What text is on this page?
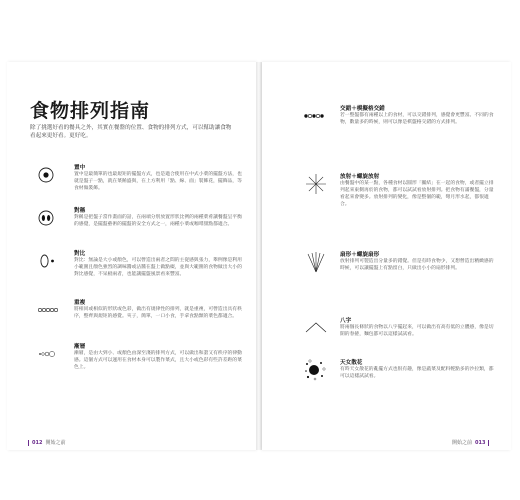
食物排列指南
除了挑選好看的餐具之外，其實在餐盤的位置、食物的排列方式，可以幫助讓食物看起來更好看。更好吃。
置中
置中是最簡單的也最規矩的擺盤方式，也是適合使用在中式小菜的擺盤方法，也就是盤子一點，就在菜餚盛與，在上方利用「點、線、面」裝飾花，擺飾品，等食材做裝飾。
對稱
對稱是把盤子當作畫面的話，在兩端分別放置形狀比例的兩種菜肴讓餐盤呈平衡的感覺，是擺盤藝術的擺盤的安全方式之一，兩種小菜或咖啡甜點都適合。
對比
對比：無論是大小或顏色，可以營造出兩者之間的主從感與張力，舉例像是利用小範圍且顏色強烈的調味醬或沾醬在盤上做點綴，並與大範圍的食物做出大小的對比感覺，不呆板兩者，也能讓擺盤風景看來豐富。
重複
將相同或相似的形狀或色彩，做出有規律性的排列，就是重複，可營造出具有秩序，整齊與規矩的感覺。夾子，簡單，一口小食，手拿食點類的菜色都適合。
漸層
漸層，是由大到小、或顏色由深至淺的排列方式，可以做出和諧又有秩序的律動感。這個方式可以運用在食材本身可以製作菜式，且大小或色彩有些許差距的菜色上。
交錯＋模擬格交錯
若一整盤都有兩種以上的食材，可以交錯排列，感覺會更豐富。不同的食物，數量多的時候，則可以像是棋盤格交錯的方式排列。
放射＋螺旋放射
由餐盤中的某一點，各種食材以圓形「團結」在一起的食物，或者擺立排列起來東側再於的食物，都可以試試看放射排列。把食物有滿餐盤，分量看起來會變多。放射排列的變化，像是整個的範，彎月形水起，都很適合。
扇形＋螺旋扇形
放射排列可製造出分量多的錯覺。但是有時食物少，又想營造出精緻感的時候，可以讓擺盤上有點留白，只做出小小的扇形排列。
八字
將兩個長條狀的食物以八字擺起來，可以做出有高有低的立體感，像是切開的春捲，麵包都可以這樣試試看。
天女散花
有時天女散花的亂擺方式也很有趣，像是蔬菜及配料輕點多的沙拉類，都可以這樣試試看。
012 開始之前	開始之前 013
